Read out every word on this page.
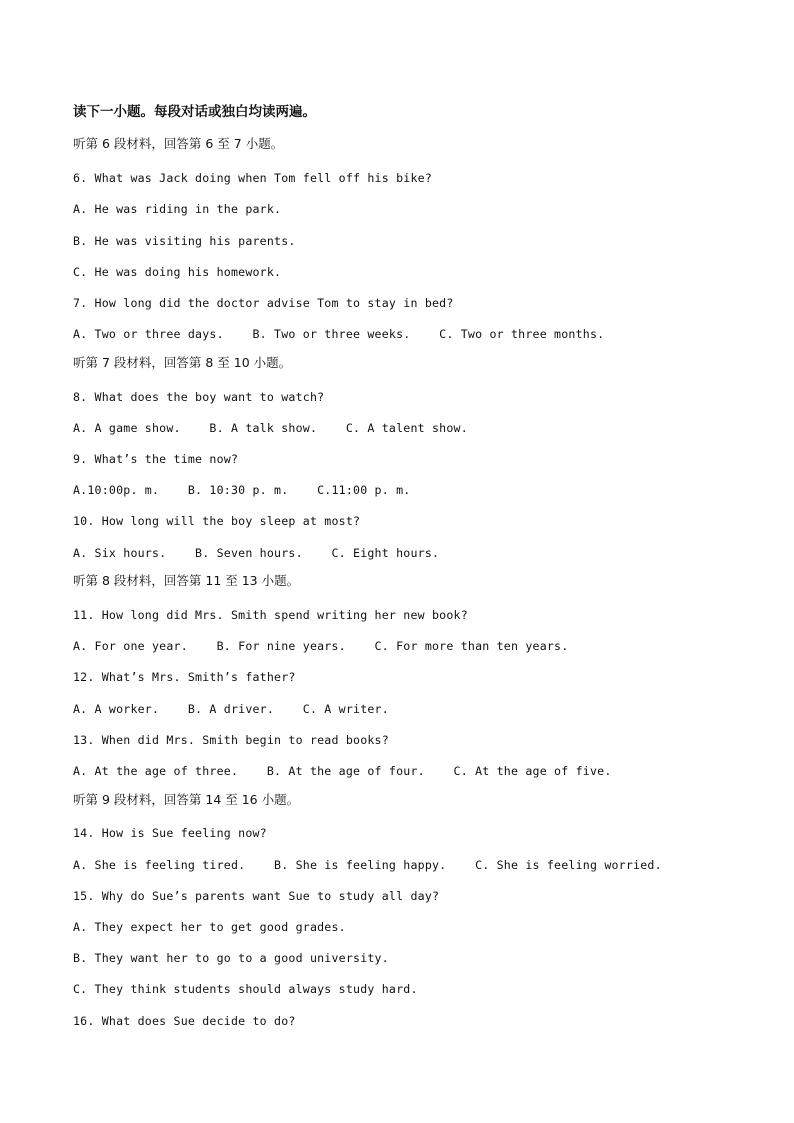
读下一小题。每段对话或独白均读两遍。
听第 6 段材料，回答第 6 至 7 小题。
6. What was Jack doing when Tom fell off his bike?
A. He was riding in the park.
B. He was visiting his parents.
C. He was doing his homework.
7. How long did the doctor advise Tom to stay in bed?
A. Two or three days.    B. Two or three weeks.    C. Two or three months.
听第 7 段材料，回答第 8 至 10 小题。
8. What does the boy want to watch?
A. A game show.    B. A talk show.    C. A talent show.
9. What’s the time now?
A.10:00p. m.    B. 10:30 p. m.    C.11:00 p. m.
10. How long will the boy sleep at most?
A. Six hours.    B. Seven hours.    C. Eight hours.
听第 8 段材料，回答第 11 至 13 小题。
11. How long did Mrs. Smith spend writing her new book?
A. For one year.    B. For nine years.    C. For more than ten years.
12. What’s Mrs. Smith’s father?
A. A worker.    B. A driver.    C. A writer.
13. When did Mrs. Smith begin to read books?
A. At the age of three.    B. At the age of four.    C. At the age of five.
听第 9 段材料，回答第 14 至 16 小题。
14. How is Sue feeling now?
A. She is feeling tired.    B. She is feeling happy.    C. She is feeling worried.
15. Why do Sue’s parents want Sue to study all day?
A. They expect her to get good grades.
B. They want her to go to a good university.
C. They think students should always study hard.
16. What does Sue decide to do?
